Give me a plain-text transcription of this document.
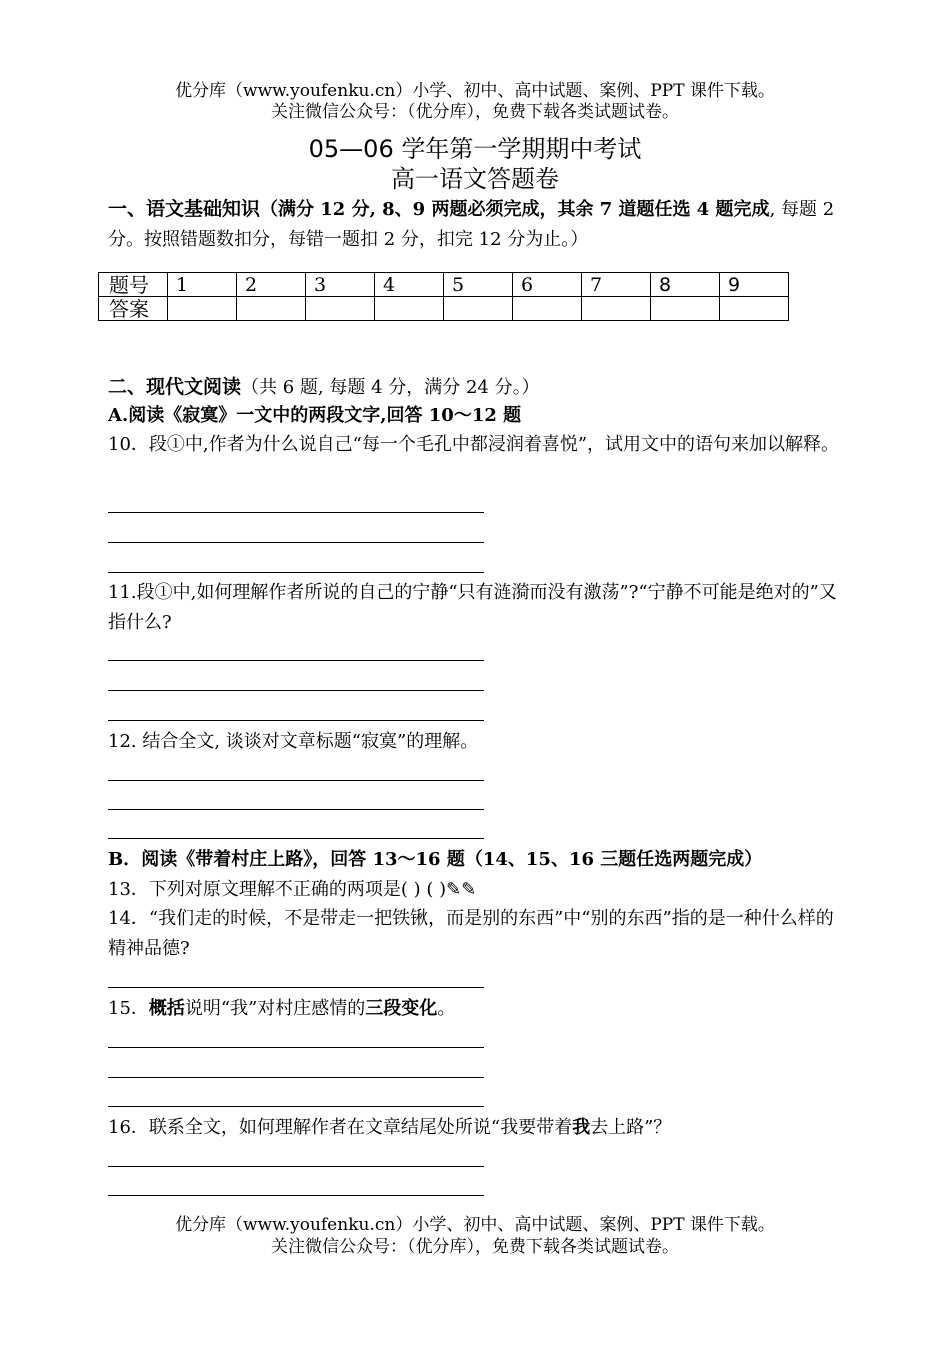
优分库（www.youfenku.cn）小学、初中、高中试题、案例、PPT 课件下载。
关注微信公众号：（优分库），免费下载各类试题试卷。
05—06 学年第一学期期中考试
高一语文答题卷
一、语文基础知识（满分 12 分, 8、9 两题必须完成，其余 7 道题任选 4 题完成, 每题 2 分。按照错题数扣分，每错一题扣 2 分，扣完 12 分为止。）
题号	1	2	3	4	5	6	7	8	9
答案									
二、现代文阅读（共 6 题, 每题 4 分，满分 24 分。）
A.阅读《寂寞》一文中的两段文字,回答 10～12 题
10．段①中,作者为什么说自己“每一个毛孔中都浸润着喜悦”，试用文中的语句来加以解释。
11.段①中,如何理解作者所说的自己的宁静“只有涟漪而没有激荡”?“宁静不可能是绝对的”又指什么?
12. 结合全文, 谈谈对文章标题“寂寞”的理解。
B．阅读《带着村庄上路》，回答 13～16 题（14、15、16 三题任选两题完成）
13．下列对原文理解不正确的两项是( ) ( )✎✎
14．“我们走的时候，不是带走一把铁锹，而是别的东西”中“别的东西”指的是一种什么样的精神品德?
15．概括说明“我”对村庄感情的三段变化。
16．联系全文，如何理解作者在文章结尾处所说“我要带着我去上路”？
优分库（www.youfenku.cn）小学、初中、高中试题、案例、PPT 课件下载。
关注微信公众号：（优分库），免费下载各类试题试卷。
